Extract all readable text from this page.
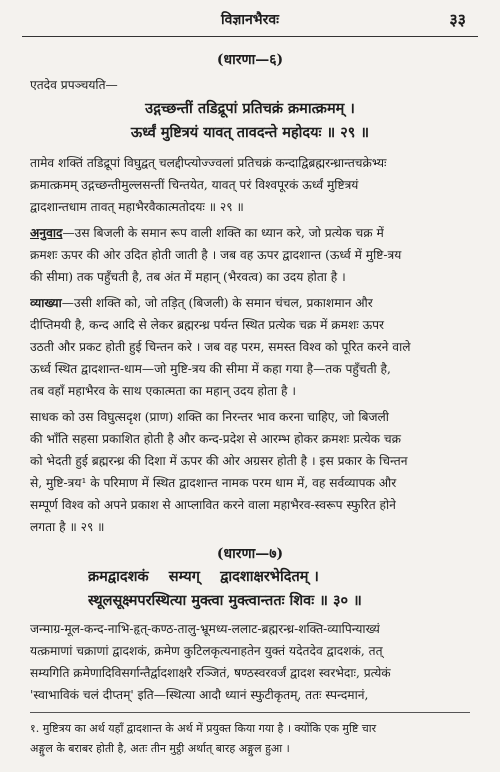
विज्ञानभैरवः	३३
(धारणा—६)
एतदेव प्रपञ्चयति—
उद्गच्छन्तीं तडिद्रूपां प्रतिचक्रं क्रमात्क्रमम् ।
ऊर्ध्वं मुष्टित्रयं यावत् तावदन्ते महोदयः ॥ २९ ॥
तामेव शक्तिं तडिद्रूपां विघुद्वत् चलद्दीप्त्योज्ज्वलां प्रतिचक्रं कन्दाद्विब्रह्मरन्ध्रान्तचक्रेभ्यः
क्रमात्क्रमम् उद्गच्छन्तीमुल्लसन्तीं चिन्तयेत, यावत् परं विश्वपूरकं ऊर्ध्वं मुष्टित्रयं
द्वादशान्तधाम तावत् महाभैरवैकात्मतोदयः ॥ २९ ॥
अनुवाद—उस बिजली के समान रूप वाली शक्ति का ध्यान करे, जो प्रत्येक चक्र में
क्रमशः ऊपर की ओर उदित होती जाती है । जब वह ऊपर द्वादशान्त (ऊर्ध्व में मुष्टि-त्रय
की सीमा) तक पहुँचती है, तब अंत में महान् (भैरवत्व) का उदय होता है ।
व्याख्या—उसी शक्ति को, जो तड़ित् (बिजली) के समान चंचल, प्रकाशमान और
दीप्तिमयी है, कन्द आदि से लेकर ब्रह्मरन्ध्र पर्यन्त स्थित प्रत्येक चक्र में क्रमशः ऊपर
उठती और प्रकट होती हुई चिन्तन करे । जब वह परम, समस्त विश्व को पूरित करने वाले
ऊर्ध्व स्थित द्वादशान्त-धाम—जो मुष्टि-त्रय की सीमा में कहा गया है—तक पहुँचती है,
तब वहाँ महाभैरव के साथ एकात्मता का महान् उदय होता है ।
साधक को उस विघुत्सदृश (प्राण) शक्ति का निरन्तर भाव करना चाहिए, जो बिजली
की भाँति सहसा प्रकाशित होती है और कन्द-प्रदेश से आरम्भ होकर क्रमशः प्रत्येक चक्र
को भेदती हुई ब्रह्मरन्ध्र की दिशा में ऊपर की ओर अग्रसर होती है । इस प्रकार के चिन्तन
से, मुष्टि-त्रय¹ के परिमाण में स्थित द्वादशान्त नामक परम धाम में, वह सर्वव्यापक और
सम्पूर्ण विश्व को अपने प्रकाश से आप्लावित करने वाला महाभैरव-स्वरूप स्फुरित होने
लगता है ॥ २९ ॥
(धारणा—७)
क्रमद्वादशकं    सम्यग्    द्वादशाक्षरभेदितम् ।
स्थूलसूक्ष्मपरस्थित्या मुक्त्वा मुक्त्वान्ततः शिवः ॥ ३० ॥
जन्माग्र-मूल-कन्द-नाभि-हृत्-कण्ठ-तालु-भ्रूमध्य-ललाट-ब्रह्मरन्ध्र-शक्ति-व्यापिन्याख्यं
यत्क्रमाणां चक्राणां द्वादशकं, क्रमेण कुटिलकृत्यनाहतेन युक्तं यदेतदेव द्वादशकं, तत्
सम्यगिति क्रमेणादिविसर्गान्तैर्द्वादशाक्षरै रञ्जितं, षण्ठस्वरवर्जं द्वादश स्वरभेदाः, प्रत्येकं
'स्वाभाविकं चलं दीप्तम्' इति—स्थित्या आदौ ध्यानं स्फुटीकृतम्, ततः स्पन्दमानं,
१. मुष्टित्रय का अर्थ यहाँ द्वादशान्त के अर्थ में प्रयुक्त किया गया है । क्योंकि एक मुष्टि चार
अङ्गुल के बराबर होती है, अतः तीन मुट्ठी अर्थात् बारह अङ्गुल हुआ ।
